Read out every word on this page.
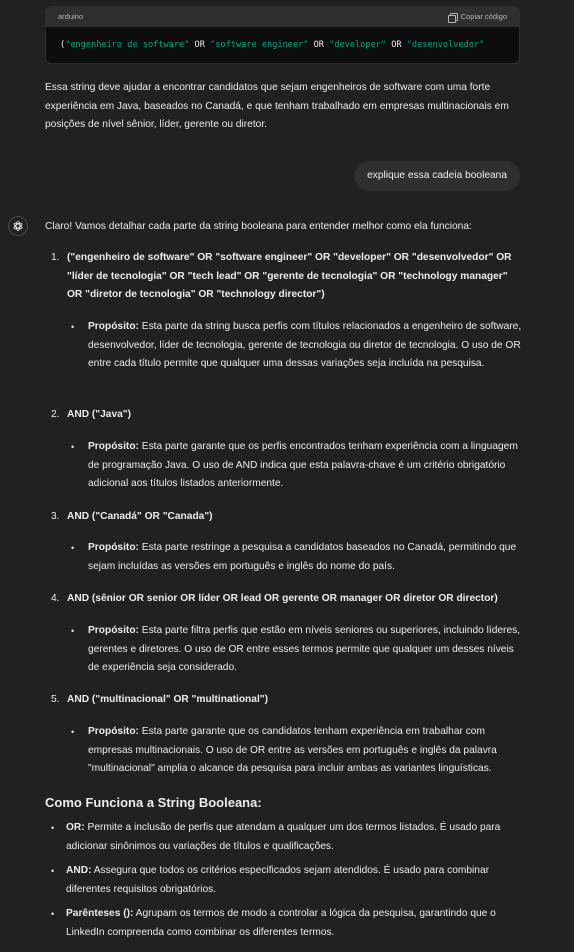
arduino	Copiar código
( "engenheiro de software" OR "software engineer" OR "developer" OR "desenvolvedor"
Essa string deve ajudar a encontrar candidatos que sejam engenheiros de software com uma forte experiência em Java, baseados no Canadá, e que tenham trabalhado em empresas multinacionais em posições de nível sênior, líder, gerente ou diretor.
explique essa cadeia booleana
Claro! Vamos detalhar cada parte da string booleana para entender melhor como ela funciona:
1. ("engenheiro de software" OR "software engineer" OR "developer" OR "desenvolvedor" OR "líder de tecnologia" OR "tech lead" OR "gerente de tecnologia" OR "technology manager" OR "diretor de tecnologia" OR "technology director")
• Propósito: Esta parte da string busca perfis com títulos relacionados a engenheiro de software, desenvolvedor, líder de tecnologia, gerente de tecnologia ou diretor de tecnologia. O uso de OR entre cada título permite que qualquer uma dessas variações seja incluída na pesquisa.
2. AND ("Java")
• Propósito: Esta parte garante que os perfis encontrados tenham experiência com a linguagem de programação Java. O uso de AND indica que esta palavra-chave é um critério obrigatório adicional aos títulos listados anteriormente.
3. AND ("Canadá" OR "Canada")
• Propósito: Esta parte restringe a pesquisa a candidatos baseados no Canadá, permitindo que sejam incluídas as versões em português e inglês do nome do país.
4. AND (sênior OR senior OR líder OR lead OR gerente OR manager OR diretor OR director)
• Propósito: Esta parte filtra perfis que estão em níveis seniores ou superiores, incluindo líderes, gerentes e diretores. O uso de OR entre esses termos permite que qualquer um desses níveis de experiência seja considerado.
5. AND ("multinacional" OR "multinational")
• Propósito: Esta parte garante que os candidatos tenham experiência em trabalhar com empresas multinacionais. O uso de OR entre as versões em português e inglês da palavra "multinacional" amplia o alcance da pesquisa para incluir ambas as variantes linguísticas.
Como Funciona a String Booleana:
• OR: Permite a inclusão de perfis que atendam a qualquer um dos termos listados. É usado para adicionar sinônimos ou variações de títulos e qualificações.
• AND: Assegura que todos os critérios especificados sejam atendidos. É usado para combinar diferentes requisitos obrigatórios.
• Parênteses (): Agrupam os termos de modo a controlar a lógica da pesquisa, garantindo que o LinkedIn compreenda como combinar os diferentes termos.
